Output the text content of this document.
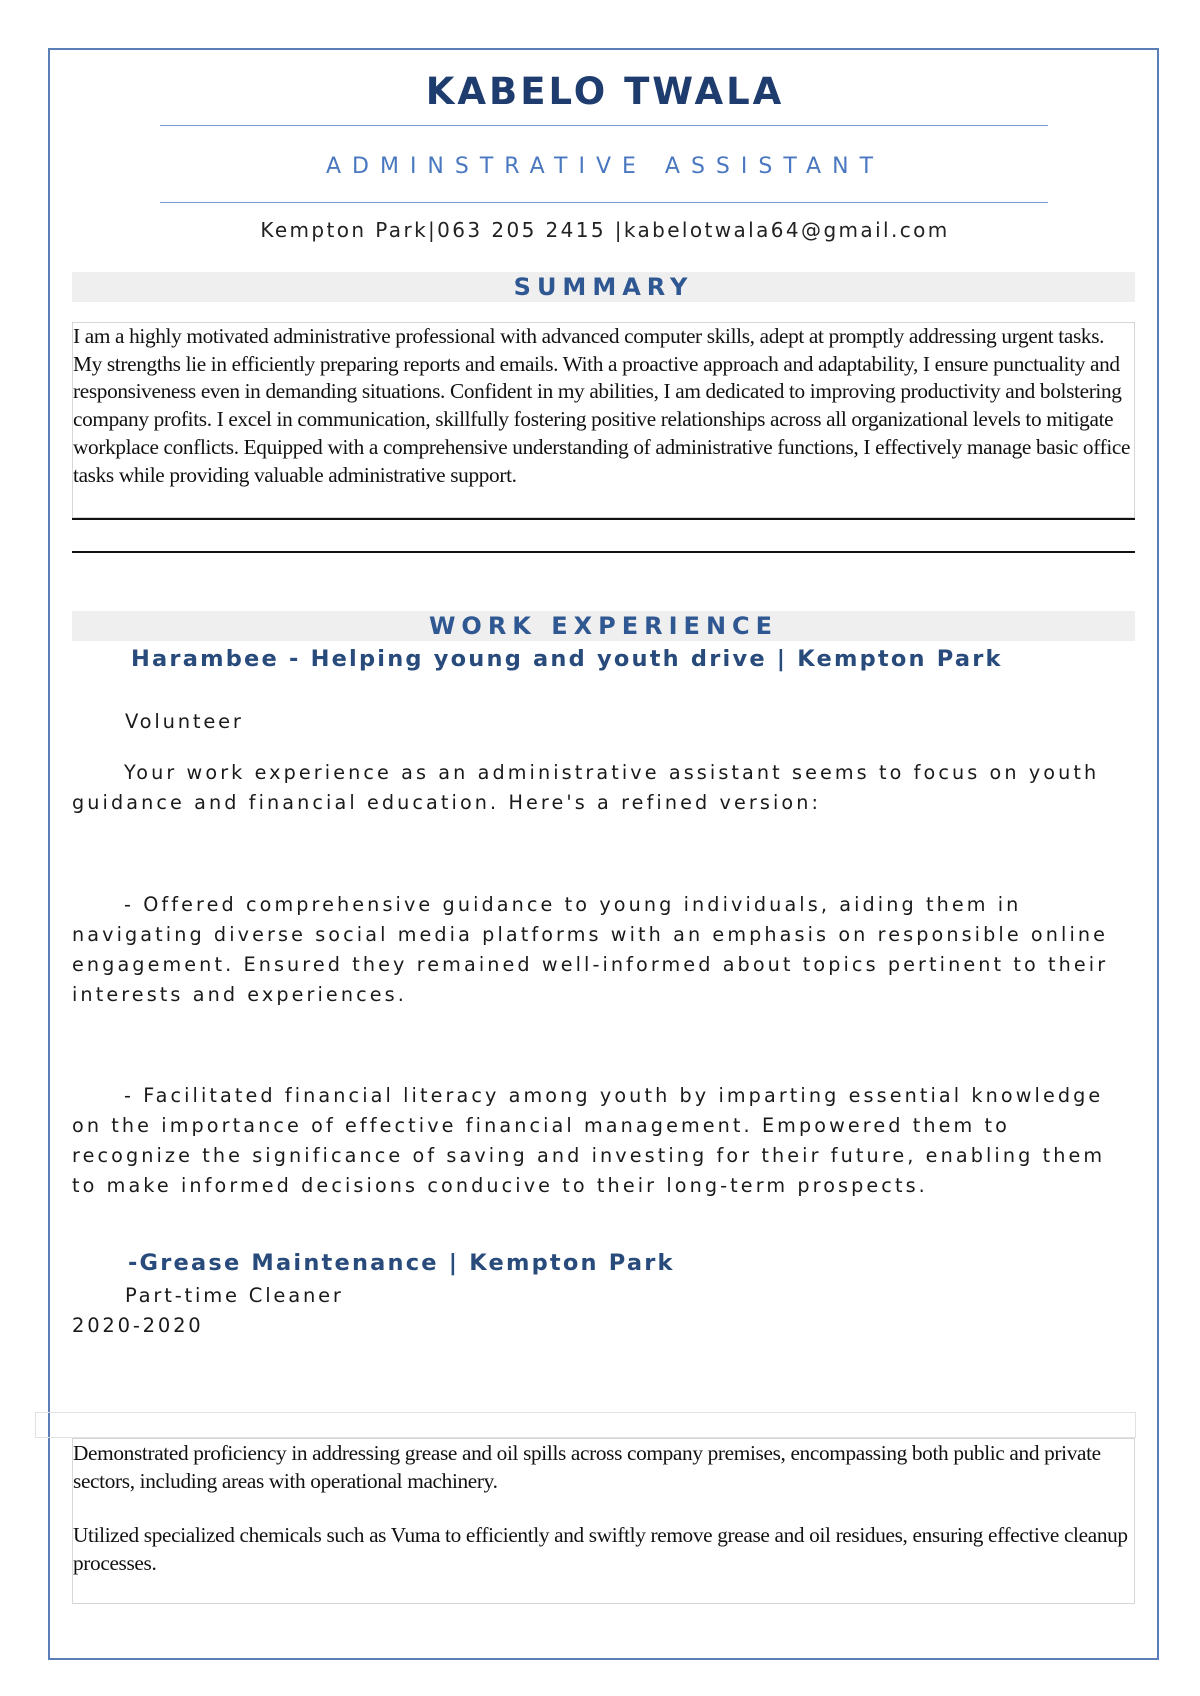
KABELO TWALA
ADMINSTRATIVE ASSISTANT
Kempton Park|063 205 2415 |kabelotwala64@gmail.com
SUMMARY
I am a highly motivated administrative professional with advanced computer skills, adept at promptly addressing urgent tasks. My strengths lie in efficiently preparing reports and emails. With a proactive approach and adaptability, I ensure punctuality and responsiveness even in demanding situations. Confident in my abilities, I am dedicated to improving productivity and bolstering company profits. I excel in communication, skillfully fostering positive relationships across all organizational levels to mitigate workplace conflicts. Equipped with a comprehensive understanding of administrative functions, I effectively manage basic office tasks while providing valuable administrative support.
WORK EXPERIENCE
Harambee - Helping young and youth drive | Kempton Park
Volunteer
Your work experience as an administrative assistant seems to focus on youth guidance and financial education. Here's a refined version:
- Offered comprehensive guidance to young individuals, aiding them in navigating diverse social media platforms with an emphasis on responsible online engagement. Ensured they remained well-informed about topics pertinent to their interests and experiences.
- Facilitated financial literacy among youth by imparting essential knowledge on the importance of effective financial management. Empowered them to recognize the significance of saving and investing for their future, enabling them to make informed decisions conducive to their long-term prospects.
-Grease Maintenance | Kempton Park
Part-time Cleaner
2020-2020
Demonstrated proficiency in addressing grease and oil spills across company premises, encompassing both public and private sectors, including areas with operational machinery.
Utilized specialized chemicals such as Vuma to efficiently and swiftly remove grease and oil residues, ensuring effective cleanup processes.
